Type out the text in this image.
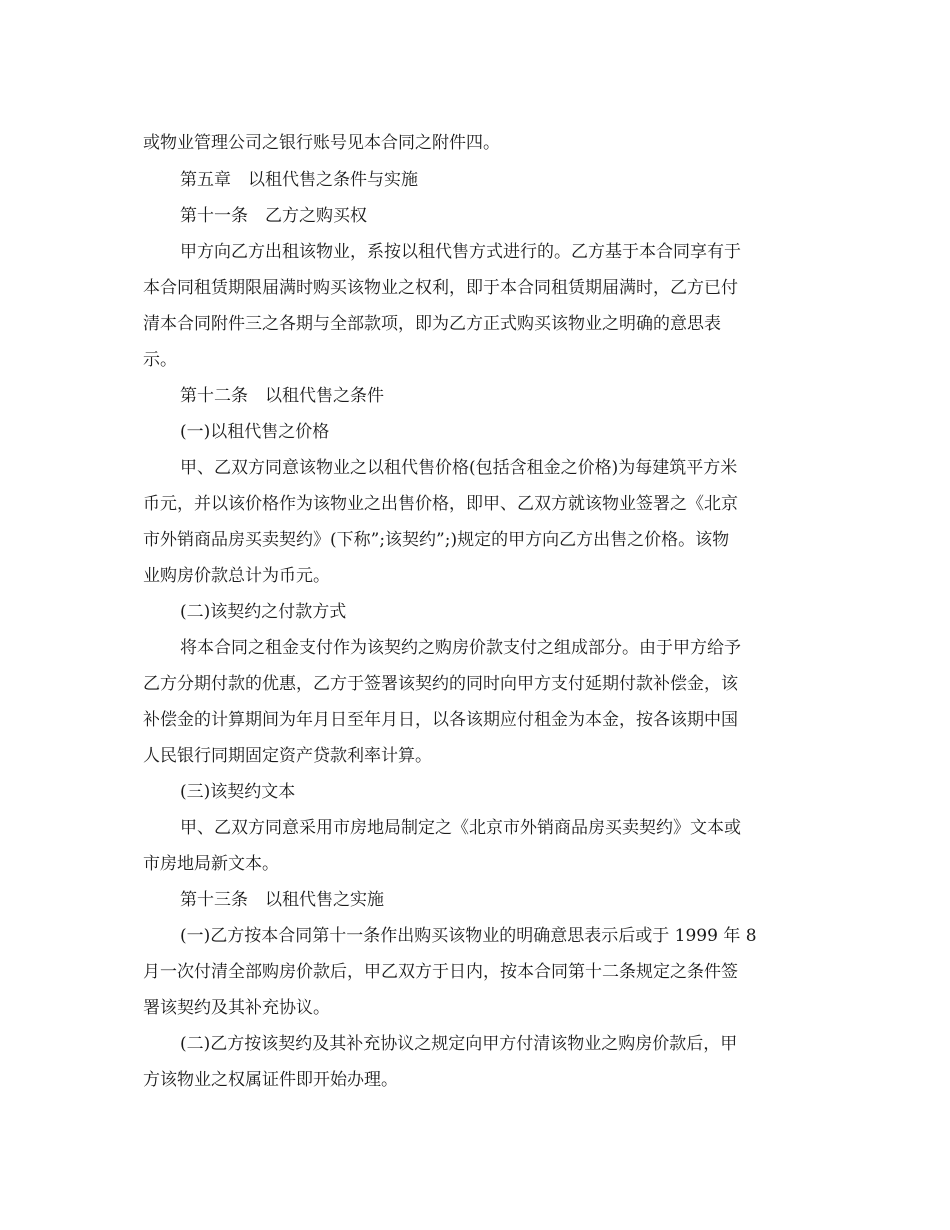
或物业管理公司之银行账号见本合同之附件四。
第五章　以租代售之条件与实施
第十一条　乙方之购买权
甲方向乙方出租该物业，系按以租代售方式进行的。乙方基于本合同享有于
本合同租赁期限届满时购买该物业之权利，即于本合同租赁期届满时，乙方已付
清本合同附件三之各期与全部款项，即为乙方正式购买该物业之明确的意思表
示。
第十二条　以租代售之条件
(一)以租代售之价格
甲、乙双方同意该物业之以租代售价格(包括含租金之价格)为每建筑平方米
币元，并以该价格作为该物业之出售价格，即甲、乙双方就该物业签署之《北京
市外销商品房买卖契约》(下称”;该契约”;)规定的甲方向乙方出售之价格。该物
业购房价款总计为币元。
(二)该契约之付款方式
将本合同之租金支付作为该契约之购房价款支付之组成部分。由于甲方给予
乙方分期付款的优惠，乙方于签署该契约的同时向甲方支付延期付款补偿金，该
补偿金的计算期间为年月日至年月日，以各该期应付租金为本金，按各该期中国
人民银行同期固定资产贷款利率计算。
(三)该契约文本
甲、乙双方同意采用市房地局制定之《北京市外销商品房买卖契约》文本或
市房地局新文本。
第十三条　以租代售之实施
(一)乙方按本合同第十一条作出购买该物业的明确意思表示后或于 1999 年 8
月一次付清全部购房价款后，甲乙双方于日内，按本合同第十二条规定之条件签
署该契约及其补充协议。
(二)乙方按该契约及其补充协议之规定向甲方付清该物业之购房价款后，甲
方该物业之权属证件即开始办理。
